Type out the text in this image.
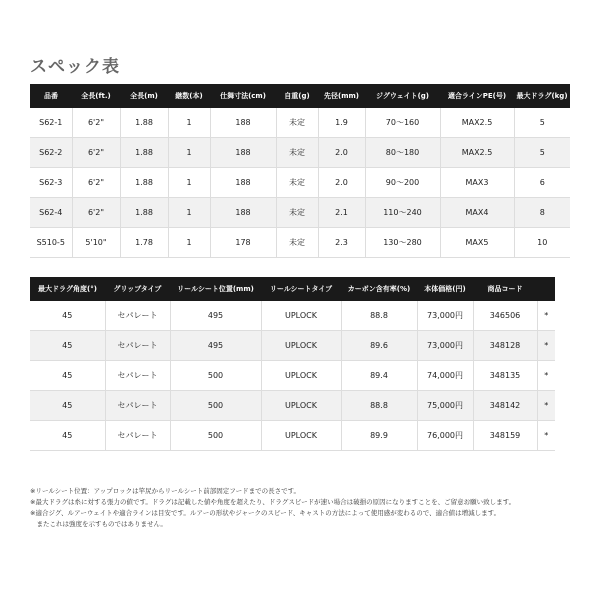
スペック表
品番	全長(ft.)	全長(m)	継数(本)	仕舞寸法(cm)	自重(g)	先径(mm)	ジグウェイト(g)	適合ラインPE(号)	最大ドラグ(kg)
S62-1	6'2"	1.88	1	188	未定	1.9	70～160	MAX2.5	5
S62-2	6'2"	1.88	1	188	未定	2.0	80～180	MAX2.5	5
S62-3	6'2"	1.88	1	188	未定	2.0	90～200	MAX3	6
S62-4	6'2"	1.88	1	188	未定	2.1	110～240	MAX4	8
S510-5	5'10"	1.78	1	178	未定	2.3	130～280	MAX5	10
最大ドラグ角度(°)	グリップタイプ	リールシート位置(mm)	リールシートタイプ	カーボン含有率(%)	本体価格(円)	商品コード	
45	セパレート	495	UPLOCK	88.8	73,000円	346506	*
45	セパレート	495	UPLOCK	89.6	73,000円	348128	*
45	セパレート	500	UPLOCK	89.4	74,000円	348135	*
45	セパレート	500	UPLOCK	88.8	75,000円	348142	*
45	セパレート	500	UPLOCK	89.9	76,000円	348159	*
※リールシート位置：アップロックは竿尻からリールシート前部固定フードまでの長さです。
※最大ドラグは糸に対する張力の値です。ドラグは記載した値や角度を超えたり、ドラグスピードが速い場合は破損の原因になりますことを、ご留意お願い致します。
※適合ジグ、ルアーウェイトや適合ラインは目安です。ルアーの形状やジャークのスピード、キャストの方法によって使用感が変わるので、適合値は増減します。
　またこれは強度を示すものではありません。
